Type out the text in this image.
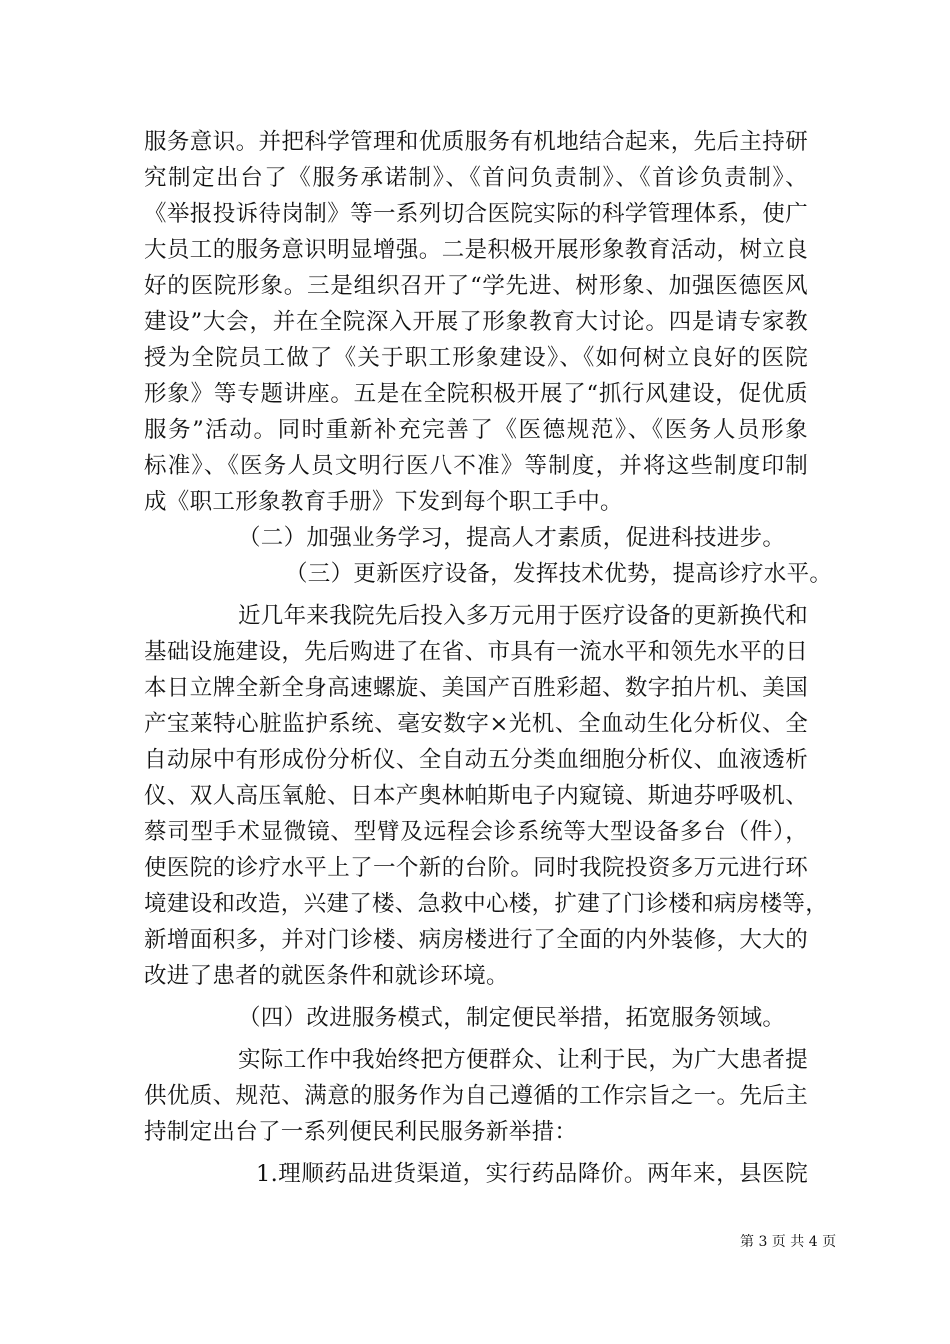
服务意识。并把科学管理和优质服务有机地结合起来，先后主持研
究制定出台了《服务承诺制》、《首问负责制》、《首诊负责制》、
《举报投诉待岗制》等一系列切合医院实际的科学管理体系，使广
大员工的服务意识明显增强。二是积极开展形象教育活动，树立良
好的医院形象。三是组织召开了“学先进、树形象、加强医德医风
建设”大会，并在全院深入开展了形象教育大讨论。四是请专家教
授为全院员工做了《关于职工形象建设》、《如何树立良好的医院
形象》等专题讲座。五是在全院积极开展了“抓行风建设，促优质
服务”活动。同时重新补充完善了《医德规范》、《医务人员形象
标准》、《医务人员文明行医八不准》等制度，并将这些制度印制
成《职工形象教育手册》下发到每个职工手中。
（二）加强业务学习，提高人才素质，促进科技进步。
（三）更新医疗设备，发挥技术优势，提高诊疗水平。
近几年来我院先后投入多万元用于医疗设备的更新换代和
基础设施建设，先后购进了在省、市具有一流水平和领先水平的日
本日立牌全新全身高速螺旋、美国产百胜彩超、数字拍片机、美国
产宝莱特心脏监护系统、毫安数字×光机、全血动生化分析仪、全
自动尿中有形成份分析仪、全自动五分类血细胞分析仪、血液透析
仪、双人高压氧舱、日本产奥林帕斯电子内窥镜、斯迪芬呼吸机、
蔡司型手术显微镜、型臂及远程会诊系统等大型设备多台（件），
使医院的诊疗水平上了一个新的台阶。同时我院投资多万元进行环
境建设和改造，兴建了楼、急救中心楼，扩建了门诊楼和病房楼等，
新增面积多，并对门诊楼、病房楼进行了全面的内外装修，大大的
改进了患者的就医条件和就诊环境。
（四）改进服务模式，制定便民举措，拓宽服务领域。
实际工作中我始终把方便群众、让利于民，为广大患者提
供优质、规范、满意的服务作为自己遵循的工作宗旨之一。先后主
持制定出台了一系列便民利民服务新举措：
1.理顺药品进货渠道，实行药品降价。两年来，县医院
第 3 页 共 4 页
